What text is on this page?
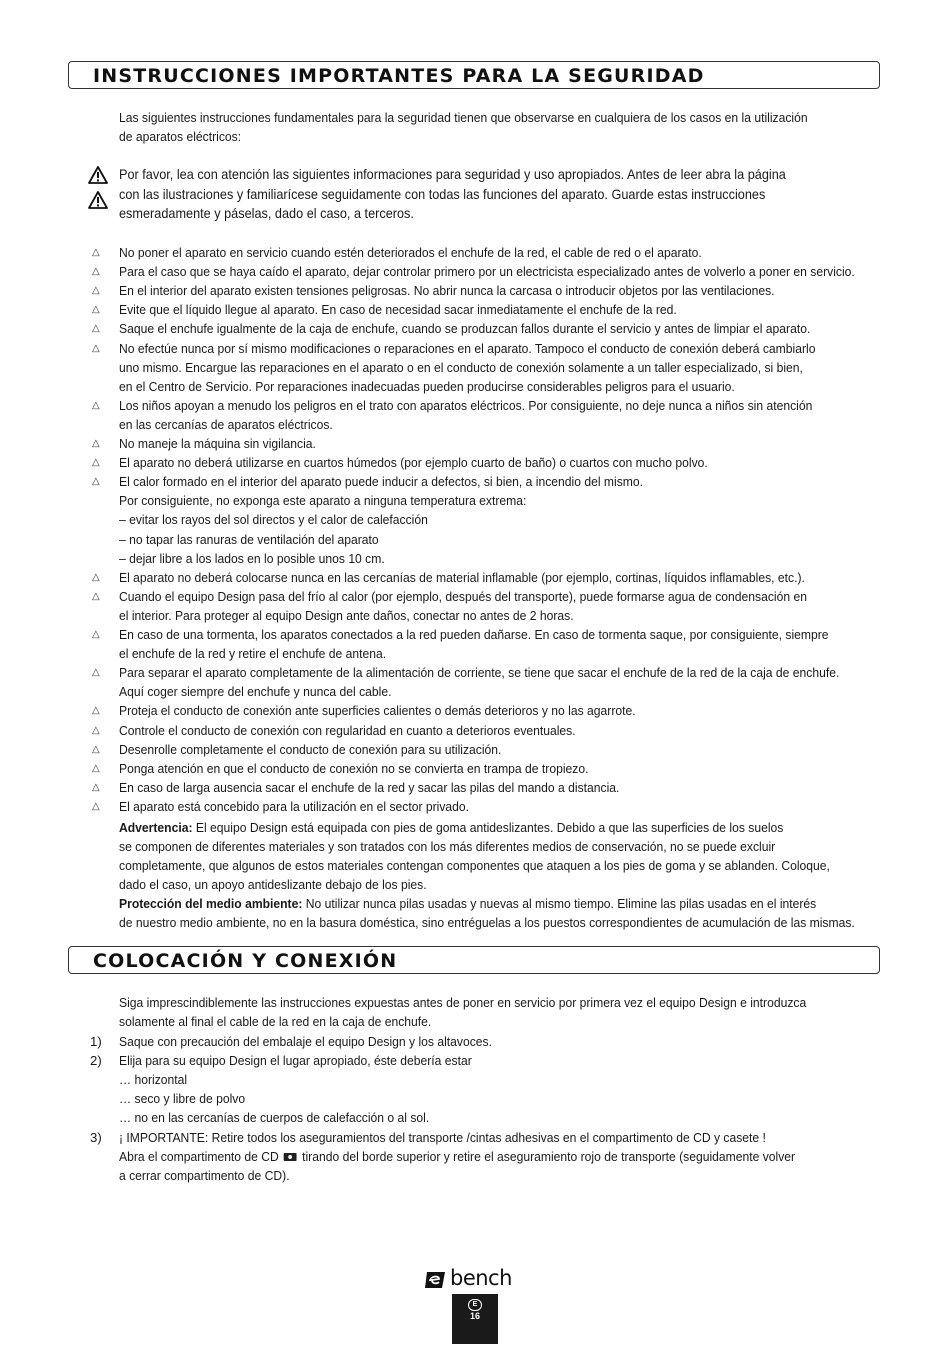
INSTRUCCIONES IMPORTANTES PARA LA SEGURIDAD
Las siguientes instrucciones fundamentales para la seguridad tienen que observarse en cualquiera de los casos en la utilización
de aparatos eléctricos:
Por favor, lea con atención las siguientes informaciones para seguridad y uso apropiados. Antes de leer abra la página
con las ilustraciones y familiarícese seguidamente con todas las funciones del aparato. Guarde estas instrucciones
esmeradamente y páselas, dado el caso, a terceros.
△ No poner el aparato en servicio cuando estén deteriorados el enchufe de la red, el cable de red o el aparato.
△ Para el caso que se haya caído el aparato, dejar controlar primero por un electricista especializado antes de volverlo a poner en servicio.
△ En el interior del aparato existen tensiones peligrosas. No abrir nunca la carcasa o introducir objetos por las ventilaciones.
△ Evite que el líquido llegue al aparato. En caso de necesidad sacar inmediatamente el enchufe de la red.
△ Saque el enchufe igualmente de la caja de enchufe, cuando se produzcan fallos durante el servicio y antes de limpiar el aparato.
△ No efectúe nunca por sí mismo modificaciones o reparaciones en el aparato. Tampoco el conducto de conexión deberá cambiarlo
uno mismo. Encargue las reparaciones en el aparato o en el conducto de conexión solamente a un taller especializado, si bien,
en el Centro de Servicio. Por reparaciones inadecuadas pueden producirse considerables peligros para el usuario.
△ Los niños apoyan a menudo los peligros en el trato con aparatos eléctricos. Por consiguiente, no deje nunca a niños sin atención
en las cercanías de aparatos eléctricos.
△ No maneje la máquina sin vigilancia.
△ El aparato no deberá utilizarse en cuartos húmedos (por ejemplo cuarto de baño) o cuartos con mucho polvo.
△ El calor formado en el interior del aparato puede inducir a defectos, si bien, a incendio del mismo.
Por consiguiente, no exponga este aparato a ninguna temperatura extrema:
– evitar los rayos del sol directos y el calor de calefacción
– no tapar las ranuras de ventilación del aparato
– dejar libre a los lados en lo posible unos 10 cm.
△ El aparato no deberá colocarse nunca en las cercanías de material inflamable (por ejemplo, cortinas, líquidos inflamables, etc.).
△ Cuando el equipo Design pasa del frío al calor (por ejemplo, después del transporte), puede formarse agua de condensación en
el interior. Para proteger al equipo Design ante daños, conectar no antes de 2 horas.
△ En caso de una tormenta, los aparatos conectados a la red pueden dañarse. En caso de tormenta saque, por consiguiente, siempre
el enchufe de la red y retire el enchufe de antena.
△ Para separar el aparato completamente de la alimentación de corriente, se tiene que sacar el enchufe de la red de la caja de enchufe.
Aquí coger siempre del enchufe y nunca del cable.
△ Proteja el conducto de conexión ante superficies calientes o demás deterioros y no las agarrote.
△ Controle el conducto de conexión con regularidad en cuanto a deterioros eventuales.
△ Desenrolle completamente el conducto de conexión para su utilización.
△ Ponga atención en que el conducto de conexión no se convierta en trampa de tropiezo.
△ En caso de larga ausencia sacar el enchufe de la red y sacar las pilas del mando a distancia.
△ El aparato está concebido para la utilización en el sector privado.
Advertencia: El equipo Design está equipada con pies de goma antideslizantes. Debido a que las superficies de los suelos
se componen de diferentes materiales y son tratados con los más diferentes medios de conservación, no se puede excluir
completamente, que algunos de estos materiales contengan componentes que ataquen a los pies de goma y se ablanden. Coloque,
dado el caso, un apoyo antideslizante debajo de los pies.
Protección del medio ambiente: No utilizar nunca pilas usadas y nuevas al mismo tiempo. Elimine las pilas usadas en el interés
de nuestro medio ambiente, no en la basura doméstica, sino entréguelas a los puestos correspondientes de acumulación de las mismas.
COLOCACIÓN Y CONEXIÓN
Siga imprescindiblemente las instrucciones expuestas antes de poner en servicio por primera vez el equipo Design e introduzca
solamente al final el cable de la red en la caja de enchufe.
1) Saque con precaución del embalaje el equipo Design y los altavoces.
2) Elija para su equipo Design el lugar apropiado, éste debería estar
… horizontal
… seco y libre de polvo
… no en las cercanías de cuerpos de calefacción o al sol.
3) ¡ IMPORTANTE: Retire todos los aseguramientos del transporte /cintas adhesivas en el compartimento de CD y casete !
Abra el compartimento de CD  tirando del borde superior y retire el aseguramiento rojo de transporte (seguidamente volver
a cerrar compartimento de CD).
bench
E
16
